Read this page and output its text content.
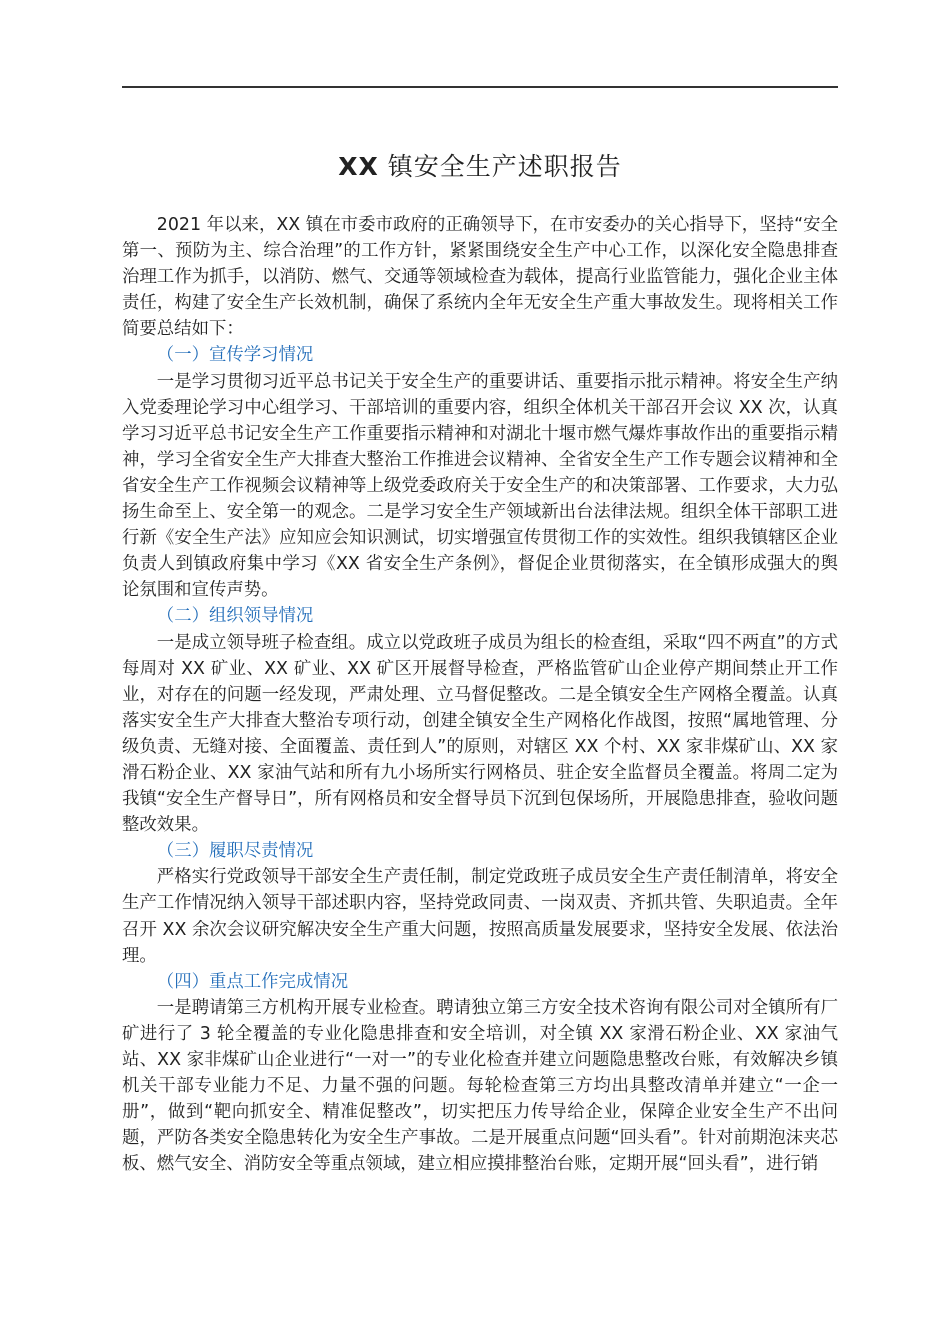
XX 镇安全生产述职报告

2021 年以来，XX 镇在市委市政府的正确领导下，在市安委办的关心指导下，坚持“安全第一、预防为主、综合治理”的工作方针，紧紧围绕安全生产中心工作，以深化安全隐患排查治理工作为抓手，以消防、燃气、交通等领域检查为载体，提高行业监管能力，强化企业主体责任，构建了安全生产长效机制，确保了系统内全年无安全生产重大事故发生。现将相关工作简要总结如下：

（一）宣传学习情况

一是学习贯彻习近平总书记关于安全生产的重要讲话、重要指示批示精神。将安全生产纳入党委理论学习中心组学习、干部培训的重要内容，组织全体机关干部召开会议 XX 次，认真学习习近平总书记安全生产工作重要指示精神和对湖北十堰市燃气爆炸事故作出的重要指示精神，学习全省安全生产大排查大整治工作推进会议精神、全省安全生产工作专题会议精神和全省安全生产工作视频会议精神等上级党委政府关于安全生产的和决策部署、工作要求，大力弘扬生命至上、安全第一的观念。二是学习安全生产领域新出台法律法规。组织全体干部职工进行新《安全生产法》应知应会知识测试，切实增强宣传贯彻工作的实效性。组织我镇辖区企业负责人到镇政府集中学习《XX 省安全生产条例》，督促企业贯彻落实，在全镇形成强大的舆论氛围和宣传声势。

（二）组织领导情况

一是成立领导班子检查组。成立以党政班子成员为组长的检查组，采取“四不两直”的方式每周对 XX 矿业、XX 矿业、XX 矿区开展督导检查，严格监管矿山企业停产期间禁止开工作业，对存在的问题一经发现，严肃处理、立马督促整改。二是全镇安全生产网格全覆盖。认真落实安全生产大排查大整治专项行动，创建全镇安全生产网格化作战图，按照“属地管理、分级负责、无缝对接、全面覆盖、责任到人”的原则，对辖区 XX 个村、XX 家非煤矿山、XX 家滑石粉企业、XX 家油气站和所有九小场所实行网格员、驻企安全监督员全覆盖。将周二定为我镇“安全生产督导日”，所有网格员和安全督导员下沉到包保场所，开展隐患排查，验收问题整改效果。

（三）履职尽责情况

严格实行党政领导干部安全生产责任制，制定党政班子成员安全生产责任制清单，将安全生产工作情况纳入领导干部述职内容，坚持党政同责、一岗双责、齐抓共管、失职追责。全年召开 XX 余次会议研究解决安全生产重大问题，按照高质量发展要求，坚持安全发展、依法治理。

（四）重点工作完成情况

一是聘请第三方机构开展专业检查。聘请独立第三方安全技术咨询有限公司对全镇所有厂矿进行了 3 轮全覆盖的专业化隐患排查和安全培训，对全镇 XX 家滑石粉企业、XX 家油气站、XX 家非煤矿山企业进行“一对一”的专业化检查并建立问题隐患整改台账，有效解决乡镇机关干部专业能力不足、力量不强的问题。每轮检查第三方均出具整改清单并建立“一企一册”，做到“靶向抓安全、精准促整改”，切实把压力传导给企业，保障企业安全生产不出问题，严防各类安全隐患转化为安全生产事故。二是开展重点问题“回头看”。针对前期泡沫夹芯板、燃气安全、消防安全等重点领域，建立相应摸排整治台账，定期开展“回头看”，进行销
